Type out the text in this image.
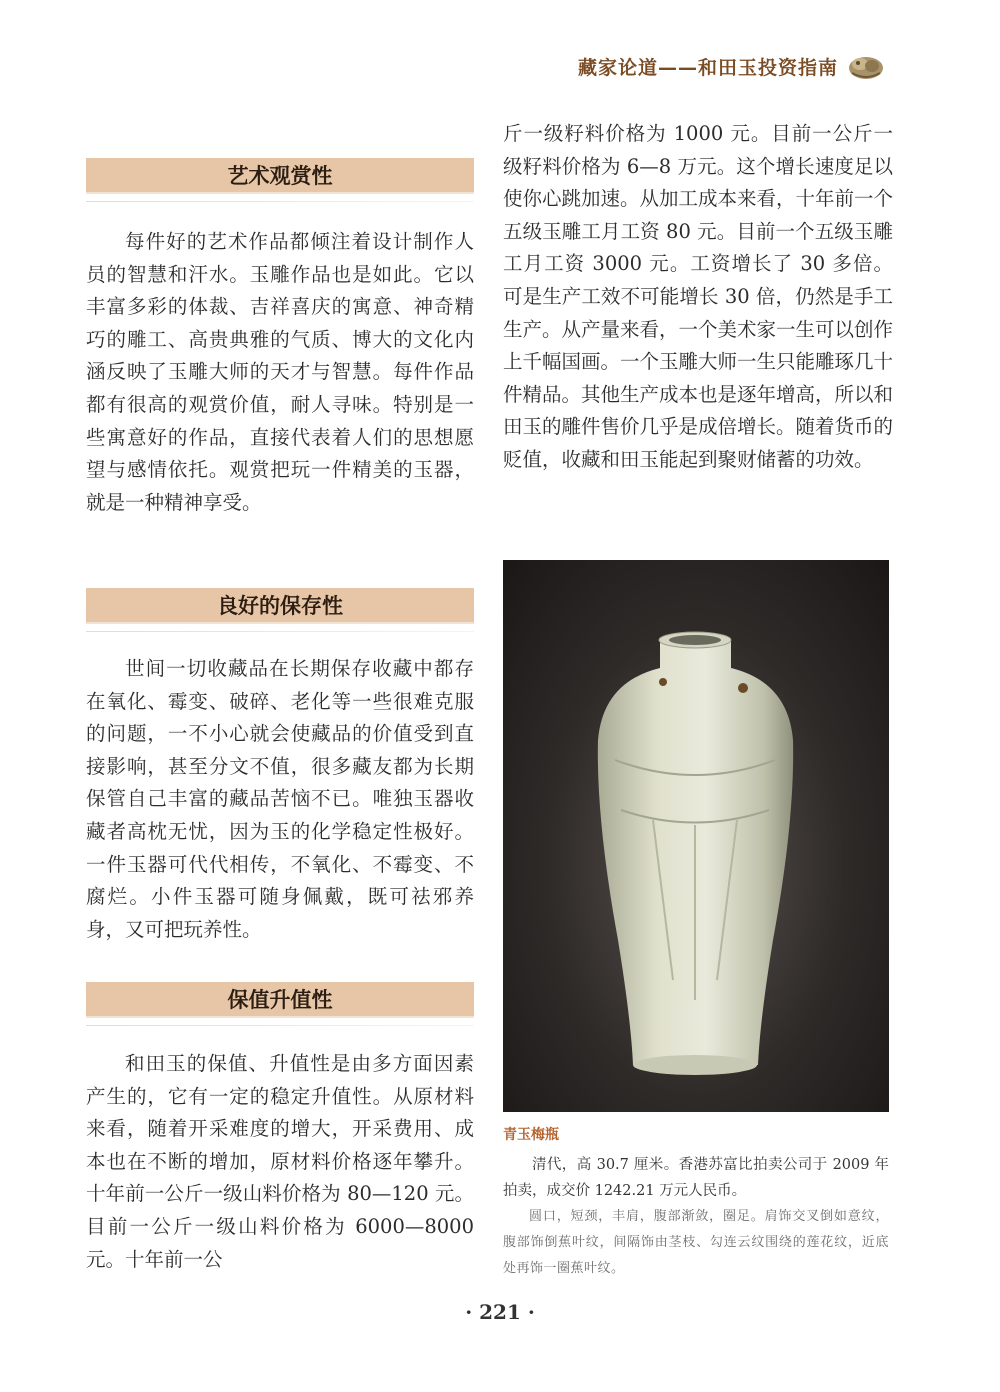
藏家论道——和田玉投资指南
艺术观赏性

每件好的艺术作品都倾注着设计制作人员的智慧和汗水。玉雕作品也是如此。它以丰富多彩的体裁、吉祥喜庆的寓意、神奇精巧的雕工、高贵典雅的气质、博大的文化内涵反映了玉雕大师的天才与智慧。每件作品都有很高的观赏价值，耐人寻味。特别是一些寓意好的作品，直接代表着人们的思想愿望与感情依托。观赏把玩一件精美的玉器，就是一种精神享受。

良好的保存性

世间一切收藏品在长期保存收藏中都存在氧化、霉变、破碎、老化等一些很难克服的问题，一不小心就会使藏品的价值受到直接影响，甚至分文不值，很多藏友都为长期保管自己丰富的藏品苦恼不已。唯独玉器收藏者高枕无忧，因为玉的化学稳定性极好。一件玉器可代代相传，不氧化、不霉变、不腐烂。小件玉器可随身佩戴，既可祛邪养身，又可把玩养性。

保值升值性

和田玉的保值、升值性是由多方面因素产生的，它有一定的稳定升值性。从原材料来看，随着开采难度的增大，开采费用、成本也在不断的增加，原材料价格逐年攀升。十年前一公斤一级山料价格为 80—120 元。目前一公斤一级山料价格为 6000—8000 元。十年前一公

斤一级籽料价格为 1000 元。目前一公斤一级籽料价格为 6—8 万元。这个增长速度足以使你心跳加速。从加工成本来看，十年前一个五级玉雕工月工资 80 元。目前一个五级玉雕工月工资 3000 元。工资增长了 30 多倍。可是生产工效不可能增长 30 倍，仍然是手工生产。从产量来看，一个美术家一生可以创作上千幅国画。一个玉雕大师一生只能雕琢几十件精品。其他生产成本也是逐年增高，所以和田玉的雕件售价几乎是成倍增长。随着货币的贬值，收藏和田玉能起到聚财储蓄的功效。

青玉梅瓶
清代，高 30.7 厘米。香港苏富比拍卖公司于 2009 年拍卖，成交价 1242.21 万元人民币。
圆口，短颈，丰肩，腹部渐敛，圈足。肩饰交叉倒如意纹，腹部饰倒蕉叶纹，间隔饰由茎枝、勾连云纹围绕的莲花纹，近底处再饰一圈蕉叶纹。
· 221 ·
